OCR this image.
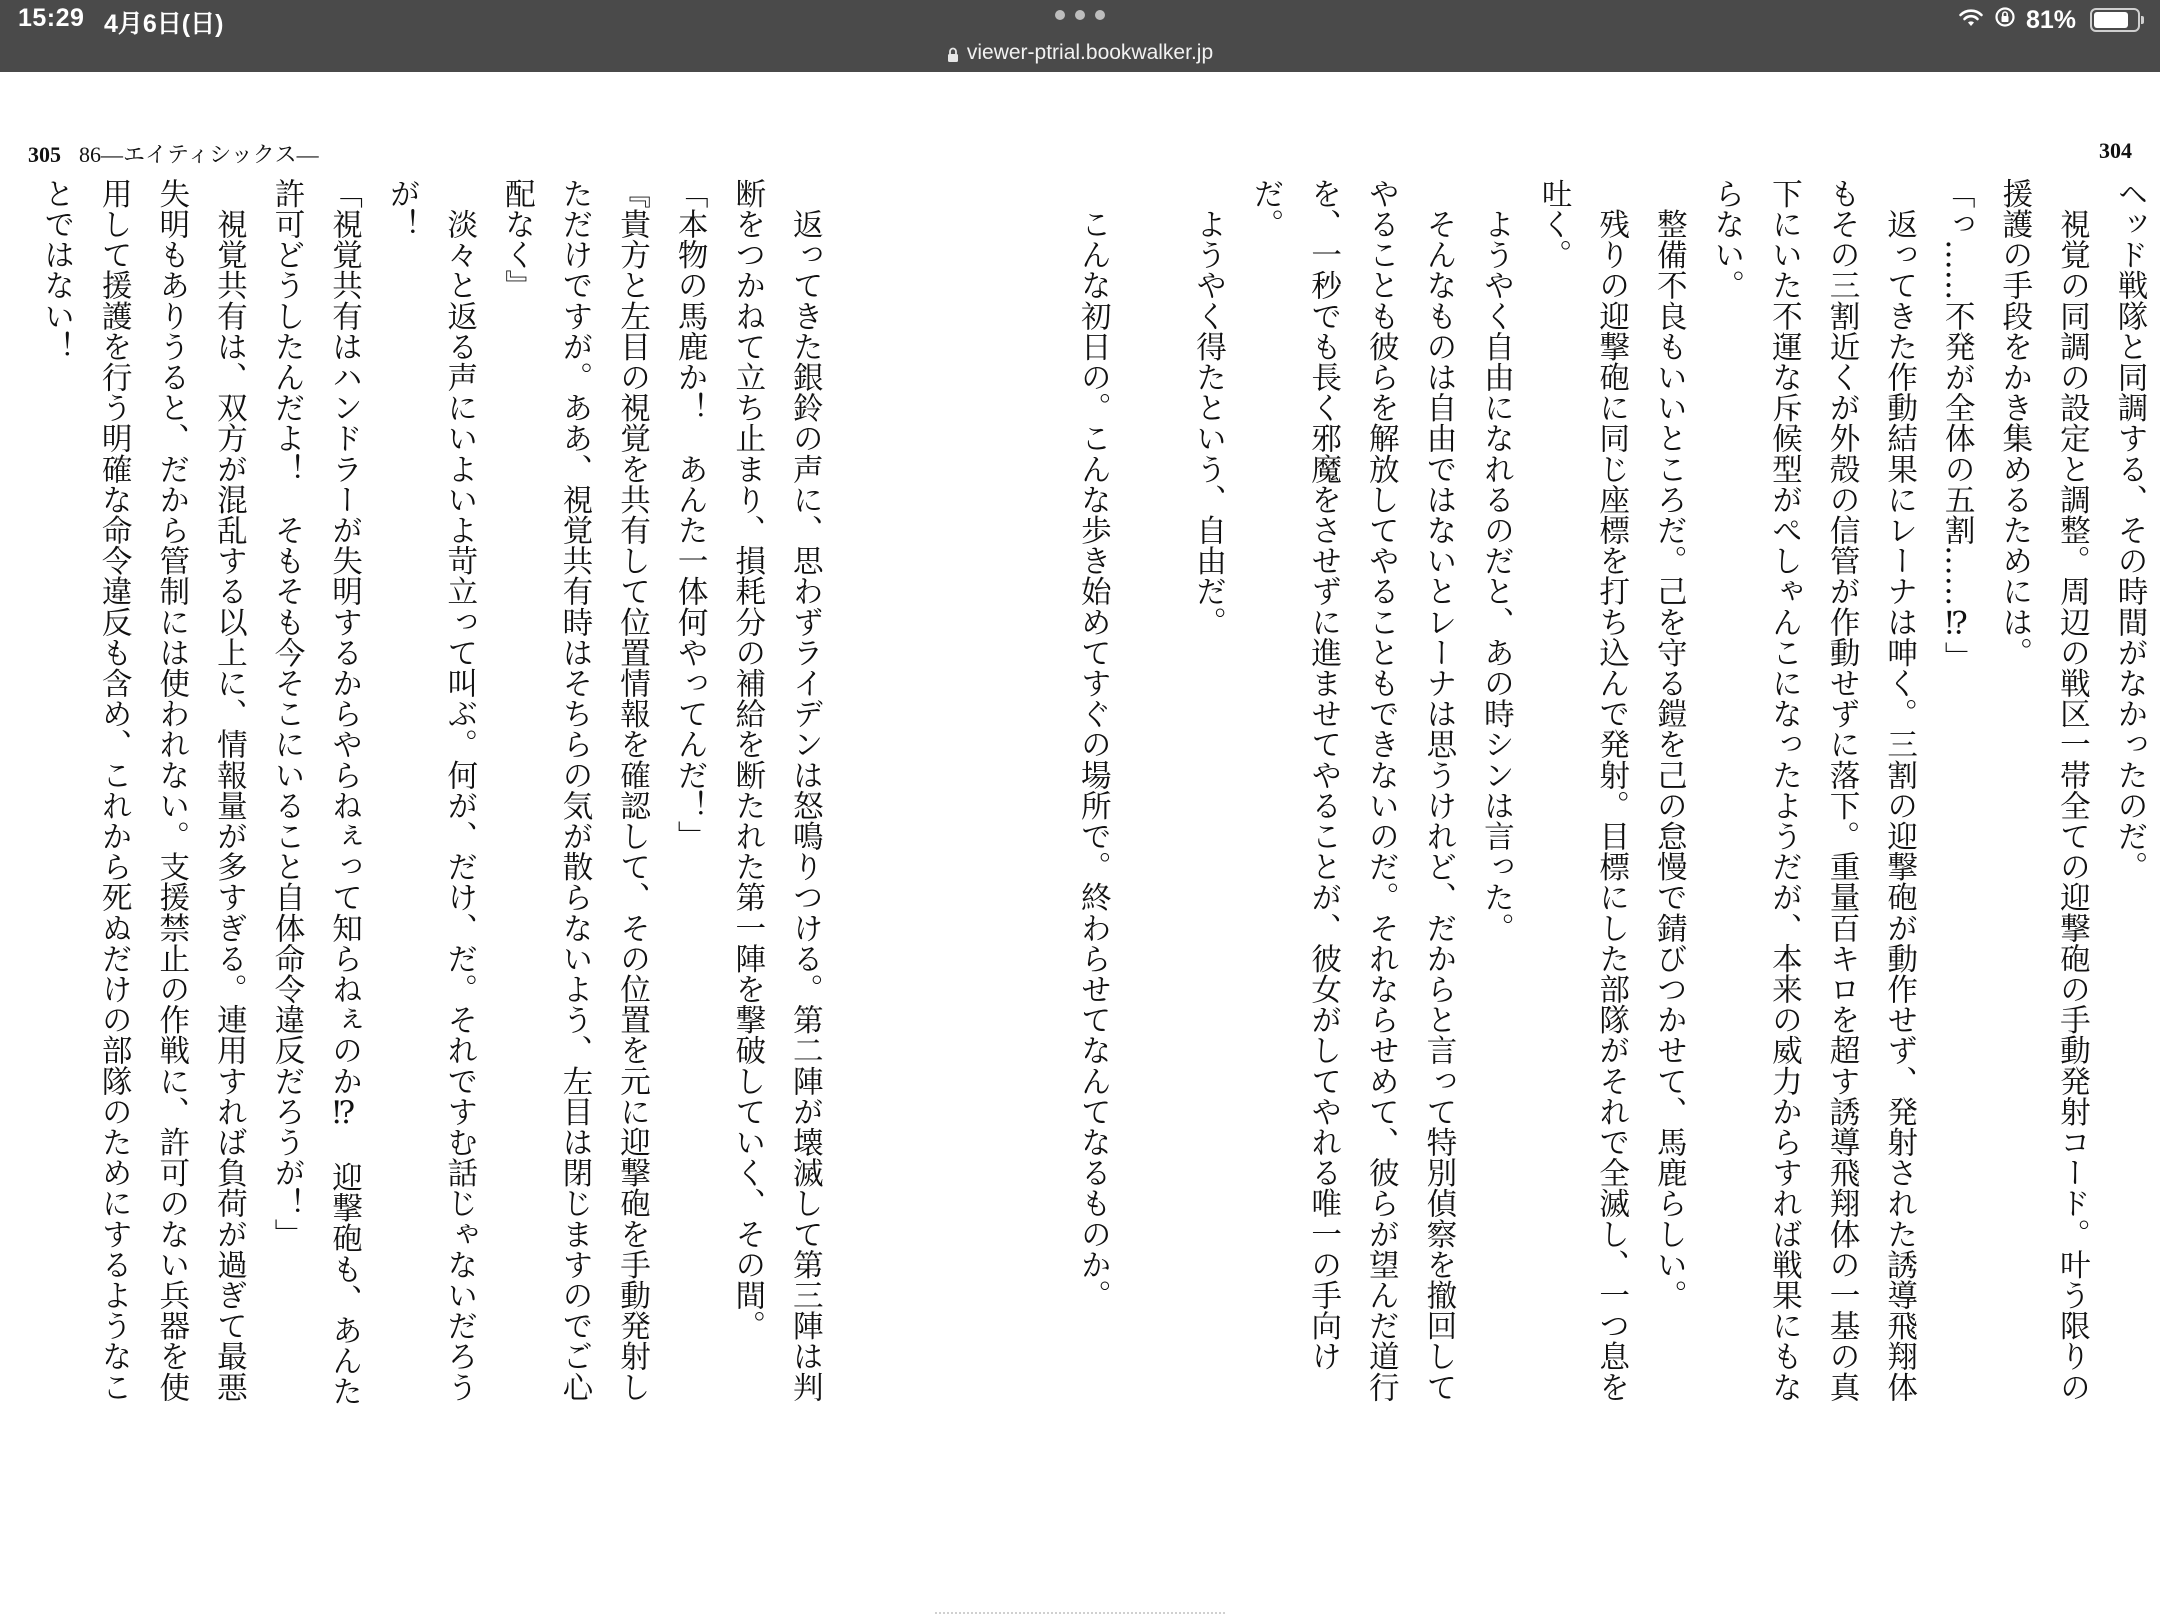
15:29 4月6日(日)
viewer-ptrial.bookwalker.jp
81%
305 86―エイティシックス―	304
ヘッド戦隊と同調する、その時間がなかったのだ。
　視覚の同調の設定と調整。周辺の戦区一帯全ての迎撃砲の手動発射コード。叶う限りの
援護の手段をかき集めるためには。
「っ……不発が全体の五割……⁉」
　返ってきた作動結果にレーナは呻く。三割の迎撃砲が動作せず、発射された誘導飛翔体
もその三割近くが外殻の信管が作動せずに落下。重量百キロを超す誘導飛翔体の一基の真
下にいた不運な斥候型がぺしゃんこになったようだが、本来の威力からすれば戦果にもな
らない。
　整備不良もいいところだ。己を守る鎧を己の怠慢で錆びつかせて、馬鹿らしい。
　残りの迎撃砲に同じ座標を打ち込んで発射。目標にした部隊がそれで全滅し、一つ息を
吐く。
　ようやく自由になれるのだと、あの時シンは言った。
　そんなものは自由ではないとレーナは思うけれど、だからと言って特別偵察を撤回して
やることも彼らを解放してやることもできないのだ。それならせめて、彼らが望んだ道行
を、一秒でも長く邪魔をさせずに進ませてやることが、彼女がしてやれる唯一の手向け
だ。
　ようやく得たという、自由だ。
　こんな初日の。こんな歩き始めてすぐの場所で。終わらせてなんてなるものか。
　返ってきた銀鈴の声に、思わずライデンは怒鳴りつける。第二陣が壊滅して第三陣は判
断をつかねて立ち止まり、損耗分の補給を断たれた第一陣を撃破していく、その間。
「本物の馬鹿か！　あんた一体何やってんだ！」
『貴方と左目の視覚を共有して位置情報を確認して、その位置を元に迎撃砲を手動発射し
ただけですが。ああ、視覚共有時はそちらの気が散らないよう、左目は閉じますのでご心
配なく』
　淡々と返る声にいよいよ苛立って叫ぶ。何が、だけ、だ。それですむ話じゃないだろう
が！
「視覚共有はハンドラーが失明するからやらねぇって知らねぇのか⁉　迎撃砲も、あんた
許可どうしたんだよ！　そもそも今そこにいること自体命令違反だろうが！」
　視覚共有は、双方が混乱する以上に、情報量が多すぎる。連用すれば負荷が過ぎて最悪
失明もありうると、だから管制には使われない。支援禁止の作戦に、許可のない兵器を使
用して援護を行う明確な命令違反も含め、これから死ぬだけの部隊のためにするようなこ
とではない！
